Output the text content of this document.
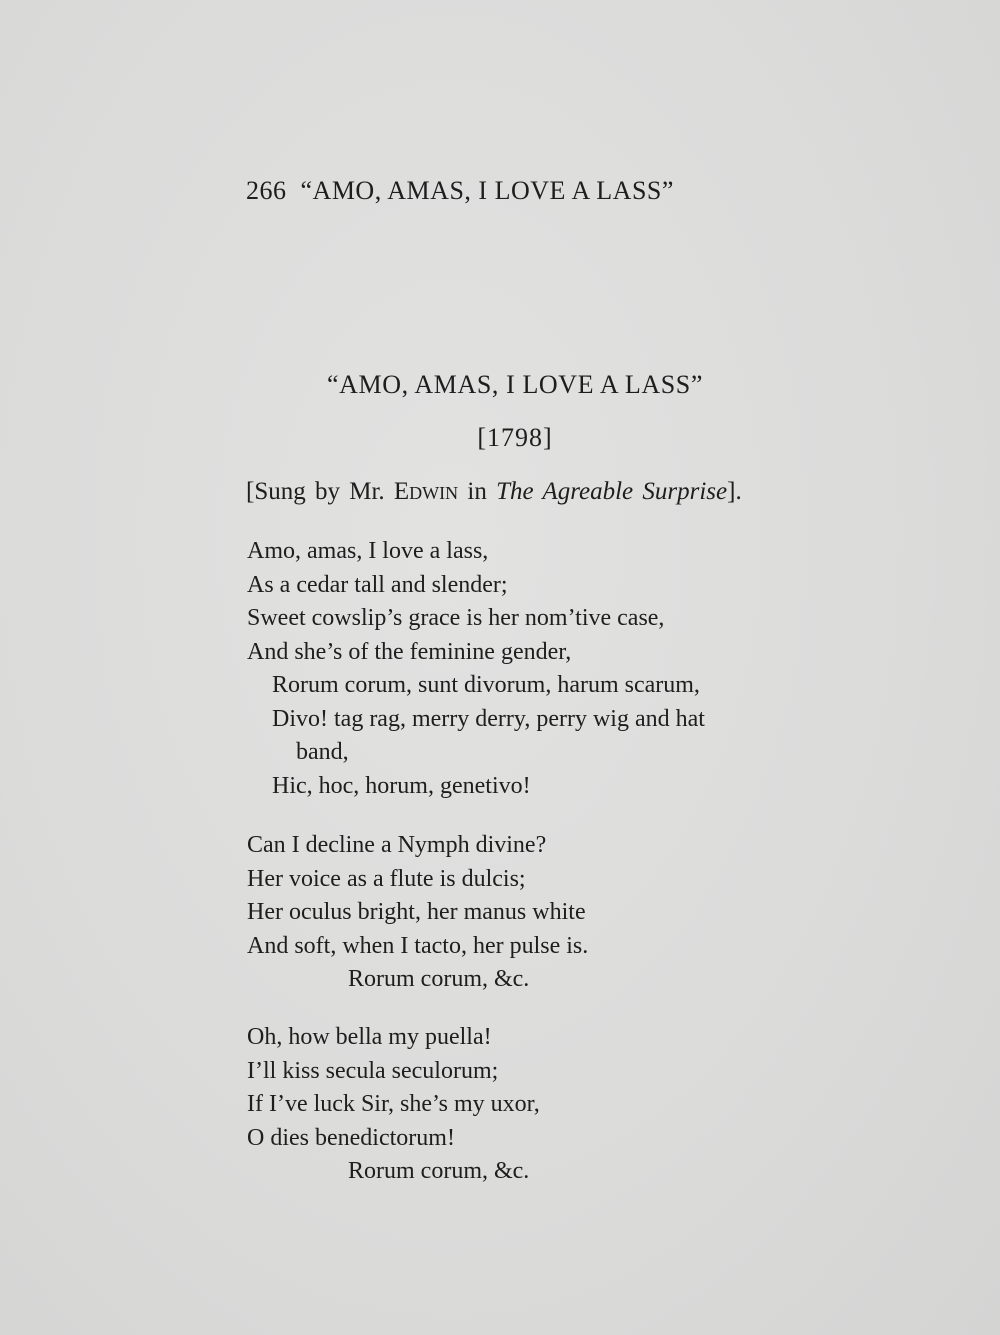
266 “AMO, AMAS, I LOVE A LASS”
“AMO, AMAS, I LOVE A LASS”
[1798]
[Sung by Mr. Edwin in The Agreable Surprise].
Amo, amas, I love a lass,
As a cedar tall and slender;
Sweet cowslip’s grace is her nom’tive case,
And she’s of the feminine gender,
Rorum corum, sunt divorum, harum scarum,
Divo! tag rag, merry derry, perry wig and hat
band,
Hic, hoc, horum, genetivo!
Can I decline a Nymph divine?
Her voice as a flute is dulcis;
Her oculus bright, her manus white
And soft, when I tacto, her pulse is.
Rorum corum, &c.
Oh, how bella my puella!
I’ll kiss secula seculorum;
If I’ve luck Sir, she’s my uxor,
O dies benedictorum!
Rorum corum, &c.
